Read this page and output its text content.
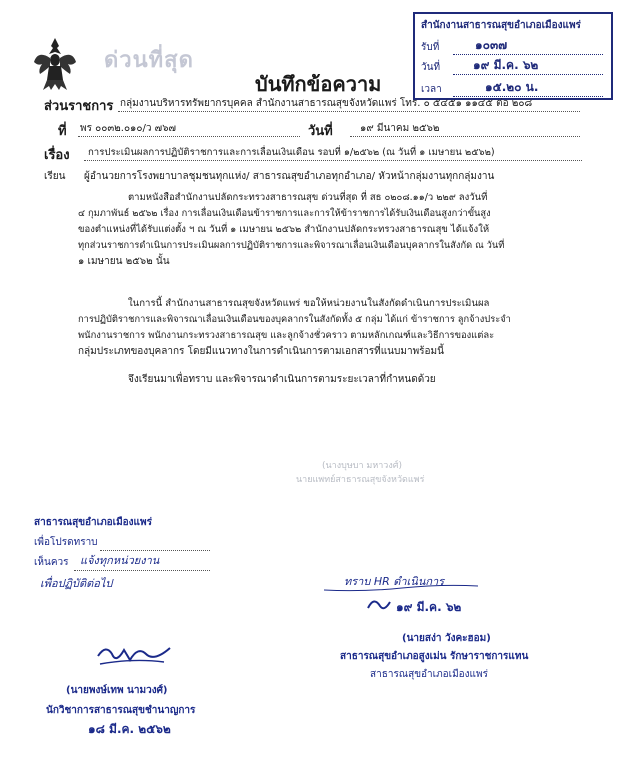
สำนักงานสาธารณสุขอำเภอเมืองแพร่
รับที่	๑๐๓๗
วันที่	๑๙ มี.ค. ๖๒
เวลา	๑๕.๒๐ น.
ด่วนที่สุด
บันทึกข้อความ
ส่วนราชการ กลุ่มงานบริหารทรัพยากรบุคคล สำนักงานสาธารณสุขจังหวัดแพร่ โทร. ๐ ๕๔๕๑ ๑๑๔๕ ต่อ ๒๐๘
ที่ พร ๐๐๓๒.๐๑๐/ว ๗๖๗	วันที่	๑๙ มีนาคม ๒๕๖๒
เรื่อง การประเมินผลการปฏิบัติราชการและการเลื่อนเงินเดือน รอบที่ ๑/๒๕๖๒ (ณ วันที่ ๑ เมษายน ๒๕๖๒)
เรียน ผู้อำนวยการโรงพยาบาลชุมชนทุกแห่ง/ สาธารณสุขอำเภอทุกอำเภอ/ หัวหน้ากลุ่มงานทุกกลุ่มงาน
ตามหนังสือสำนักงานปลัดกระทรวงสาธารณสุข ด่วนที่สุด ที่ สธ ๐๒๐๘.๑๑/ว ๒๒๙ ลงวันที่
๔ กุมภาพันธ์ ๒๕๖๒ เรื่อง การเลื่อนเงินเดือนข้าราชการและการให้ข้าราชการได้รับเงินเดือนสูงกว่าขั้นสูง
ของตำแหน่งที่ได้รับแต่งตั้ง ฯ ณ วันที่ ๑ เมษายน ๒๕๖๒ สำนักงานปลัดกระทรวงสาธารณสุข ได้แจ้งให้
ทุกส่วนราชการดำเนินการประเมินผลการปฏิบัติราชการและพิจารณาเลื่อนเงินเดือนบุคลากรในสังกัด ณ วันที่
๑ เมษายน ๒๕๖๒ นั้น
ในการนี้ สำนักงานสาธารณสุขจังหวัดแพร่ ขอให้หน่วยงานในสังกัดดำเนินการประเมินผล
การปฏิบัติราชการและพิจารณาเลื่อนเงินเดือนของบุคลากรในสังกัดทั้ง ๕ กลุ่ม ได้แก่ ข้าราชการ ลูกจ้างประจำ
พนักงานราชการ พนักงานกระทรวงสาธารณสุข และลูกจ้างชั่วคราว ตามหลักเกณฑ์และวิธีการของแต่ละ
กลุ่มประเภทของบุคลากร โดยมีแนวทางในการดำเนินการตามเอกสารที่แนบมาพร้อมนี้
จึงเรียนมาเพื่อทราบ และพิจารณาดำเนินการตามระยะเวลาที่กำหนดด้วย
(นางบุษบา มหาวงศ์)
นายแพทย์สาธารณสุขจังหวัดแพร่
สาธารณสุขอำเภอเมืองแพร่
เพื่อโปรดทราบ
เห็นควร แจ้งทุกหน่วยงาน
เพื่อปฏิบัติต่อไป
(นายพงษ์เทพ นามวงศ์)
นักวิชาการสาธารณสุขชำนาญการ
๑๘ มี.ค. ๒๕๖๒
ทราบ HR ดำเนินการ
๑๙ มี.ค. ๖๒
(นายสง่า วังคะฮอม)
สาธารณสุขอำเภอสูงเม่น รักษาราชการแทน
สาธารณสุขอำเภอเมืองแพร่
